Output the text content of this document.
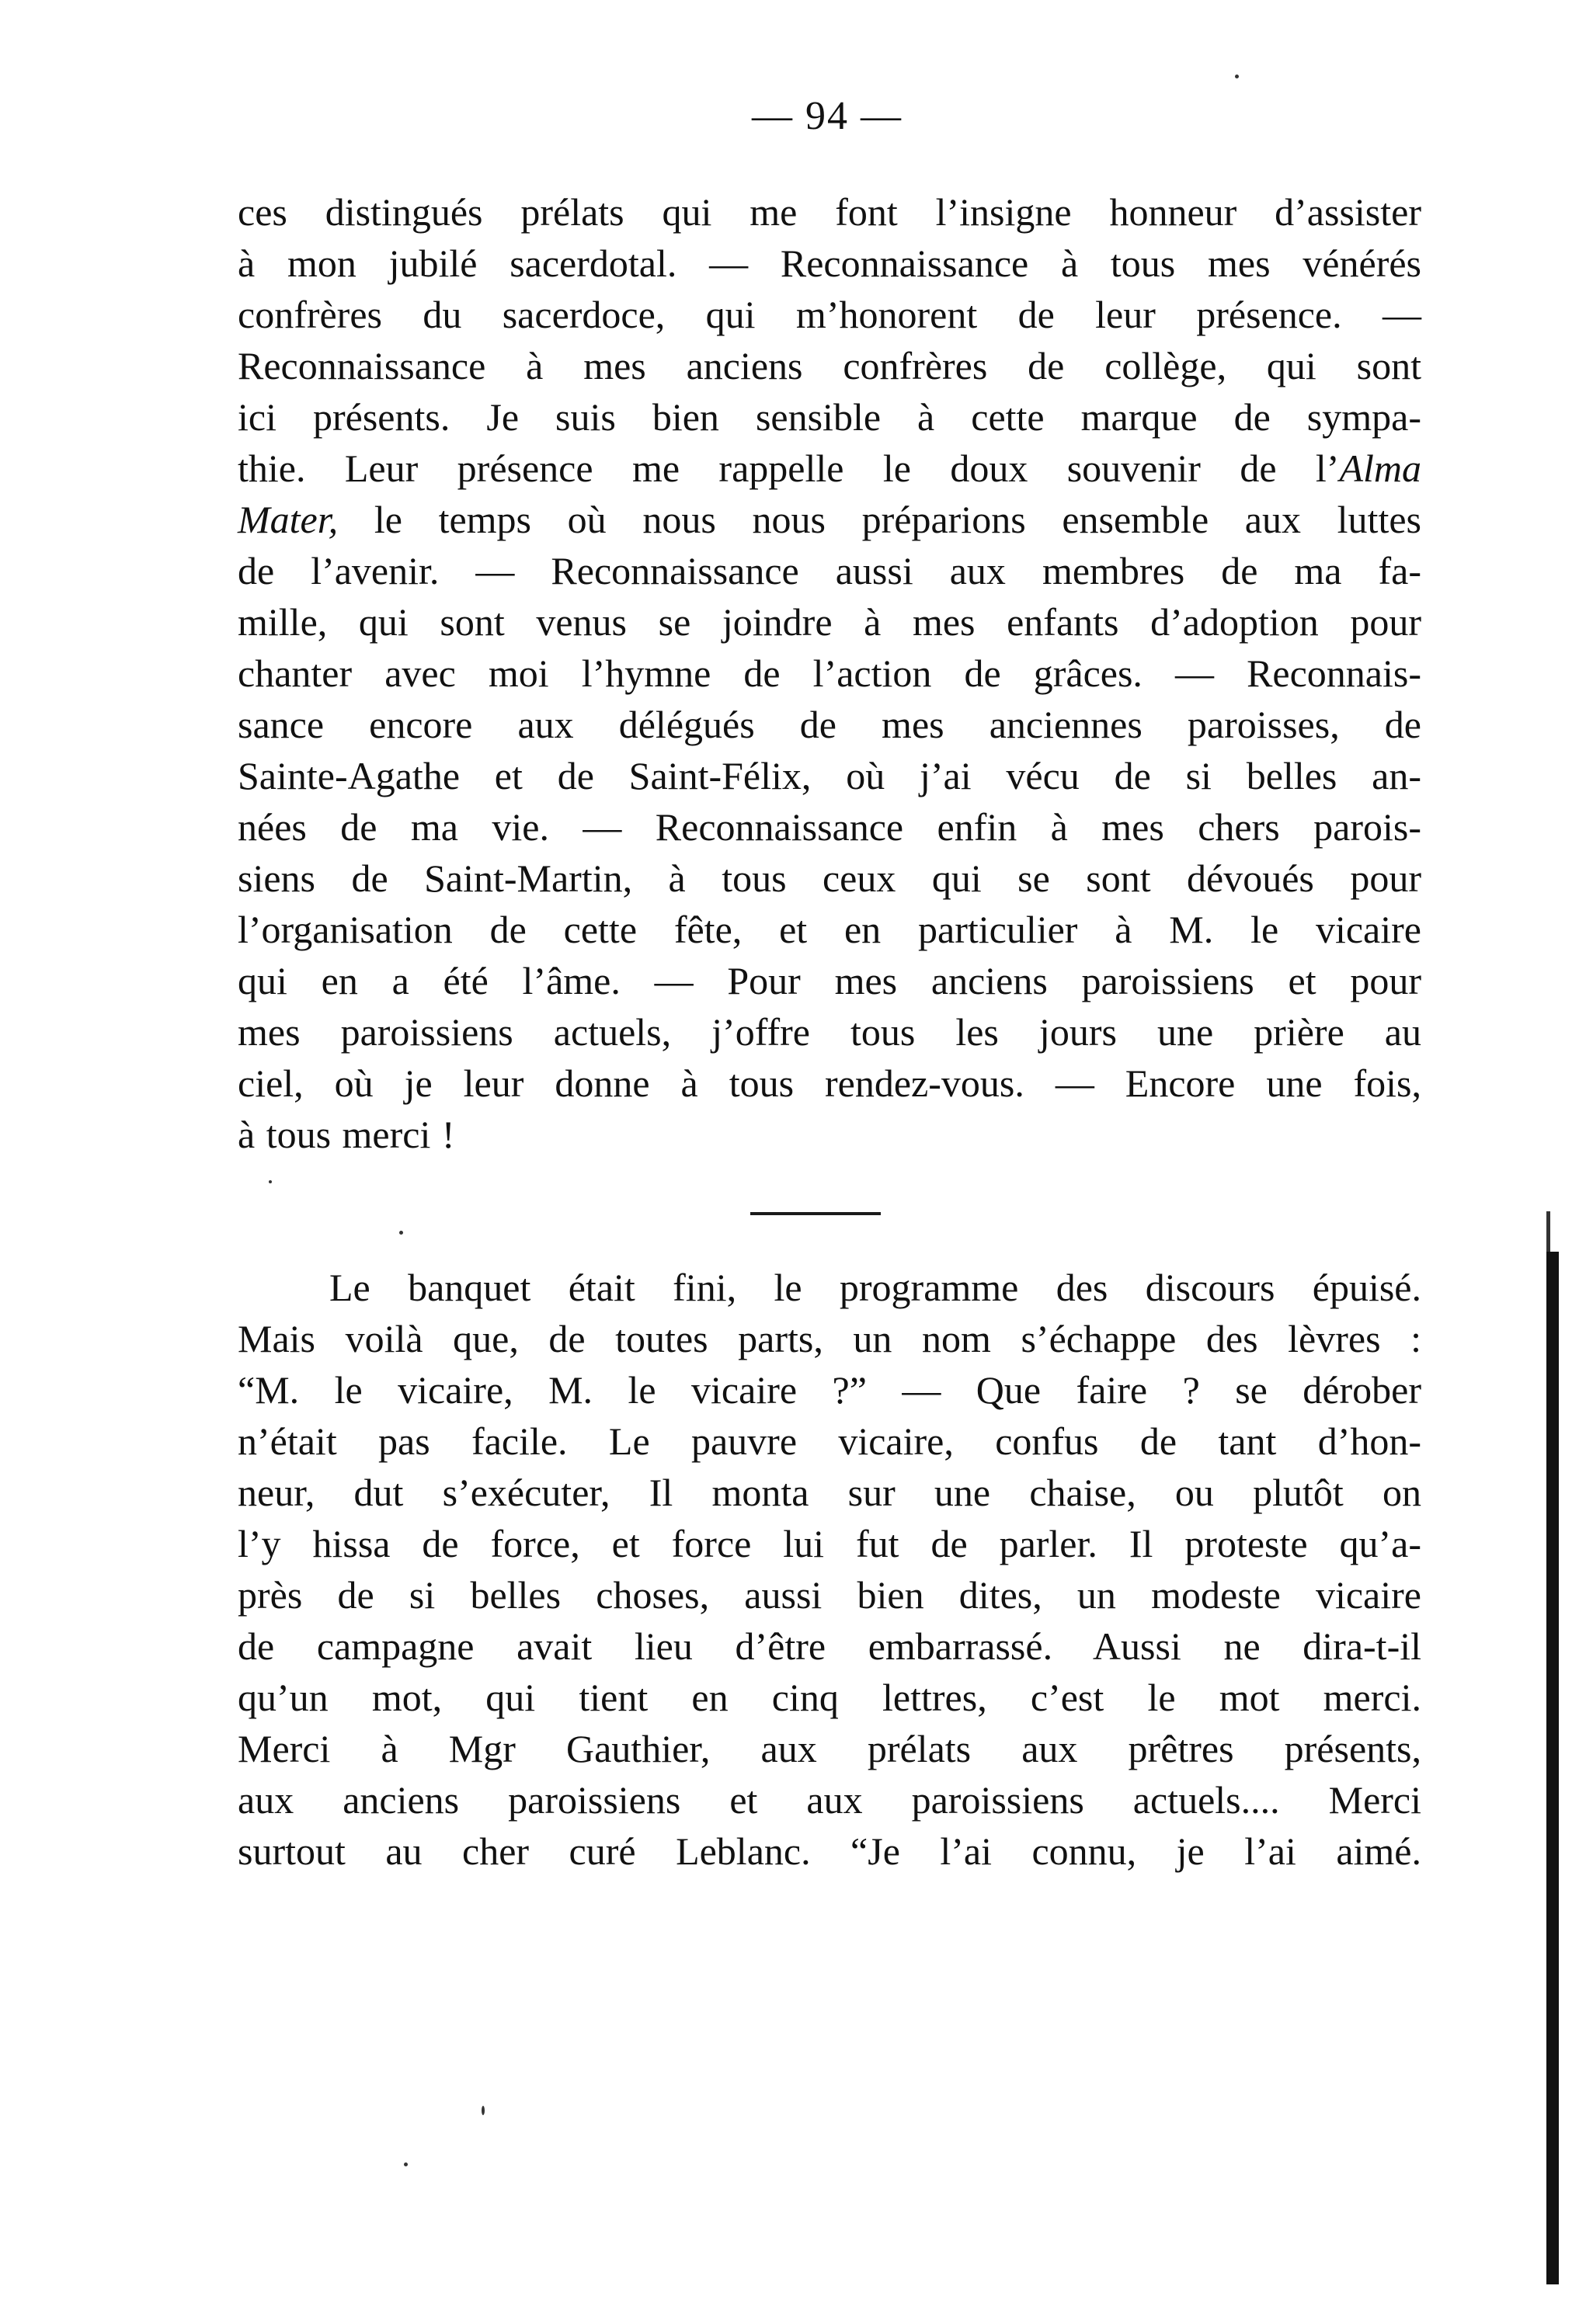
— 94 —
ces distingués prélats qui me font l’insigne honneur d’assister
à mon jubilé sacerdotal. — Reconnaissance à tous mes vénérés
confrères du sacerdoce, qui m’honorent de leur présence. —
Reconnaissance à mes anciens confrères de collège, qui sont
ici présents. Je suis bien sensible à cette marque de sympa-
thie. Leur présence me rappelle le doux souvenir de l’Alma
Mater, le temps où nous nous préparions ensemble aux luttes
de l’avenir. — Reconnaissance aussi aux membres de ma fa-
mille, qui sont venus se joindre à mes enfants d’adoption pour
chanter avec moi l’hymne de l’action de grâces. — Reconnais-
sance encore aux délégués de mes anciennes paroisses, de
Sainte-Agathe et de Saint-Félix, où j’ai vécu de si belles an-
nées de ma vie. — Reconnaissance enfin à mes chers parois-
siens de Saint-Martin, à tous ceux qui se sont dévoués pour
l’organisation de cette fête, et en particulier à M. le vicaire
qui en a été l’âme. — Pour mes anciens paroissiens et pour
mes paroissiens actuels, j’offre tous les jours une prière au
ciel, où je leur donne à tous rendez-vous. — Encore une fois,
à tous merci !
Le banquet était fini, le programme des discours épuisé.
Mais voilà que, de toutes parts, un nom s’échappe des lèvres :
“M. le vicaire, M. le vicaire ?” — Que faire ? se dérober
n’était pas facile. Le pauvre vicaire, confus de tant d’hon-
neur, dut s’exécuter, Il monta sur une chaise, ou plutôt on
l’y hissa de force, et force lui fut de parler. Il proteste qu’a-
près de si belles choses, aussi bien dites, un modeste vicaire
de campagne avait lieu d’être embarrassé. Aussi ne dira-t-il
qu’un mot, qui tient en cinq lettres, c’est le mot merci.
Merci à Mgr Gauthier, aux prélats aux prêtres présents,
aux anciens paroissiens et aux paroissiens actuels.... Merci
surtout au cher curé Leblanc. “Je l’ai connu, je l’ai aimé.
